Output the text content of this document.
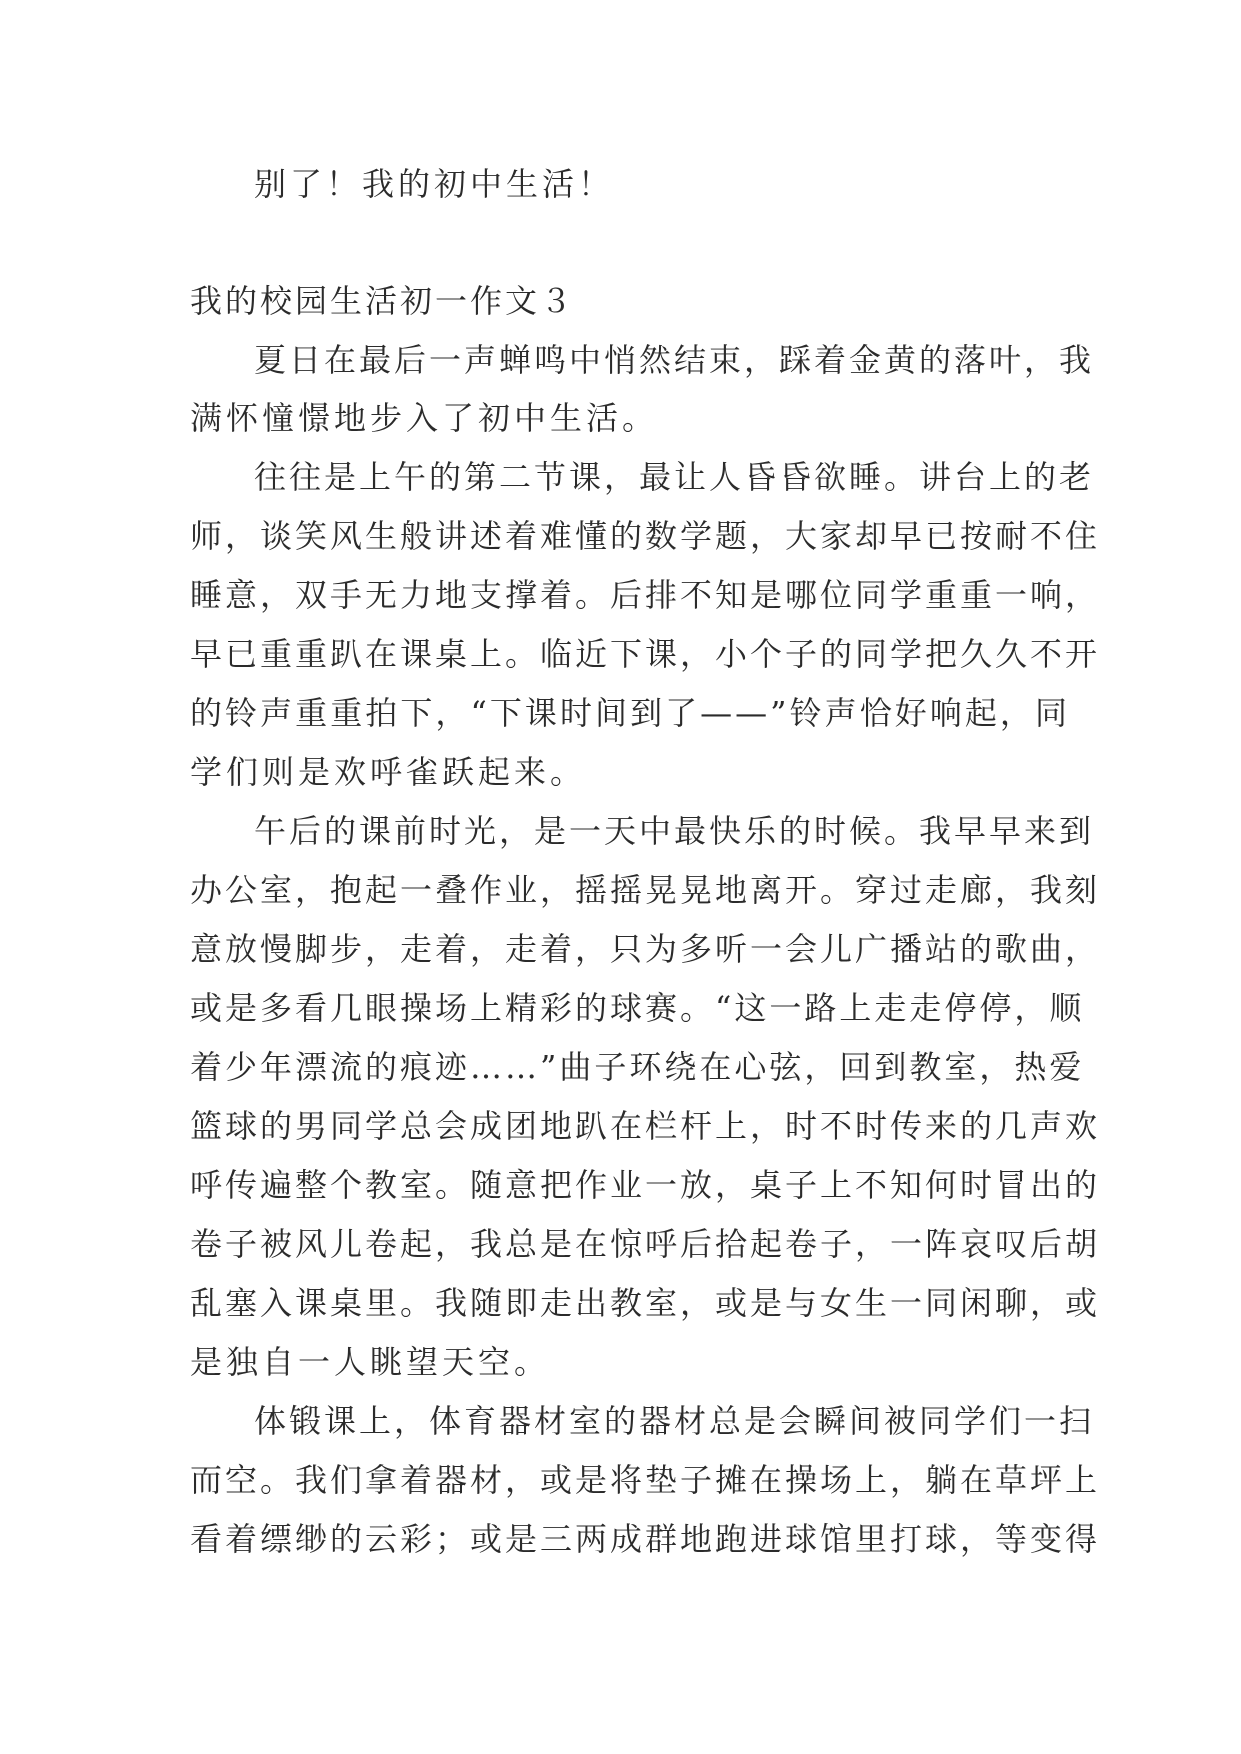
别了！我的初中生活！
我的校园生活初一作文３
夏日在最后一声蝉鸣中悄然结束，踩着金黄的落叶，我
满怀憧憬地步入了初中生活。
往往是上午的第二节课，最让人昏昏欲睡。讲台上的老
师，谈笑风生般讲述着难懂的数学题，大家却早已按耐不住
睡意，双手无力地支撑着。后排不知是哪位同学重重一响，
早已重重趴在课桌上。临近下课，小个子的同学把久久不开
的铃声重重拍下，“下课时间到了——”铃声恰好响起，同
学们则是欢呼雀跃起来。
午后的课前时光，是一天中最快乐的时候。我早早来到
办公室，抱起一叠作业，摇摇晃晃地离开。穿过走廊，我刻
意放慢脚步，走着，走着，只为多听一会儿广播站的歌曲，
或是多看几眼操场上精彩的球赛。“这一路上走走停停，顺
着少年漂流的痕迹……”曲子环绕在心弦，回到教室，热爱
篮球的男同学总会成团地趴在栏杆上，时不时传来的几声欢
呼传遍整个教室。随意把作业一放，桌子上不知何时冒出的
卷子被风儿卷起，我总是在惊呼后拾起卷子，一阵哀叹后胡
乱塞入课桌里。我随即走出教室，或是与女生一同闲聊，或
是独自一人眺望天空。
体锻课上，体育器材室的器材总是会瞬间被同学们一扫
而空。我们拿着器材，或是将垫子摊在操场上，躺在草坪上
看着缥缈的云彩；或是三两成群地跑进球馆里打球，等变得
